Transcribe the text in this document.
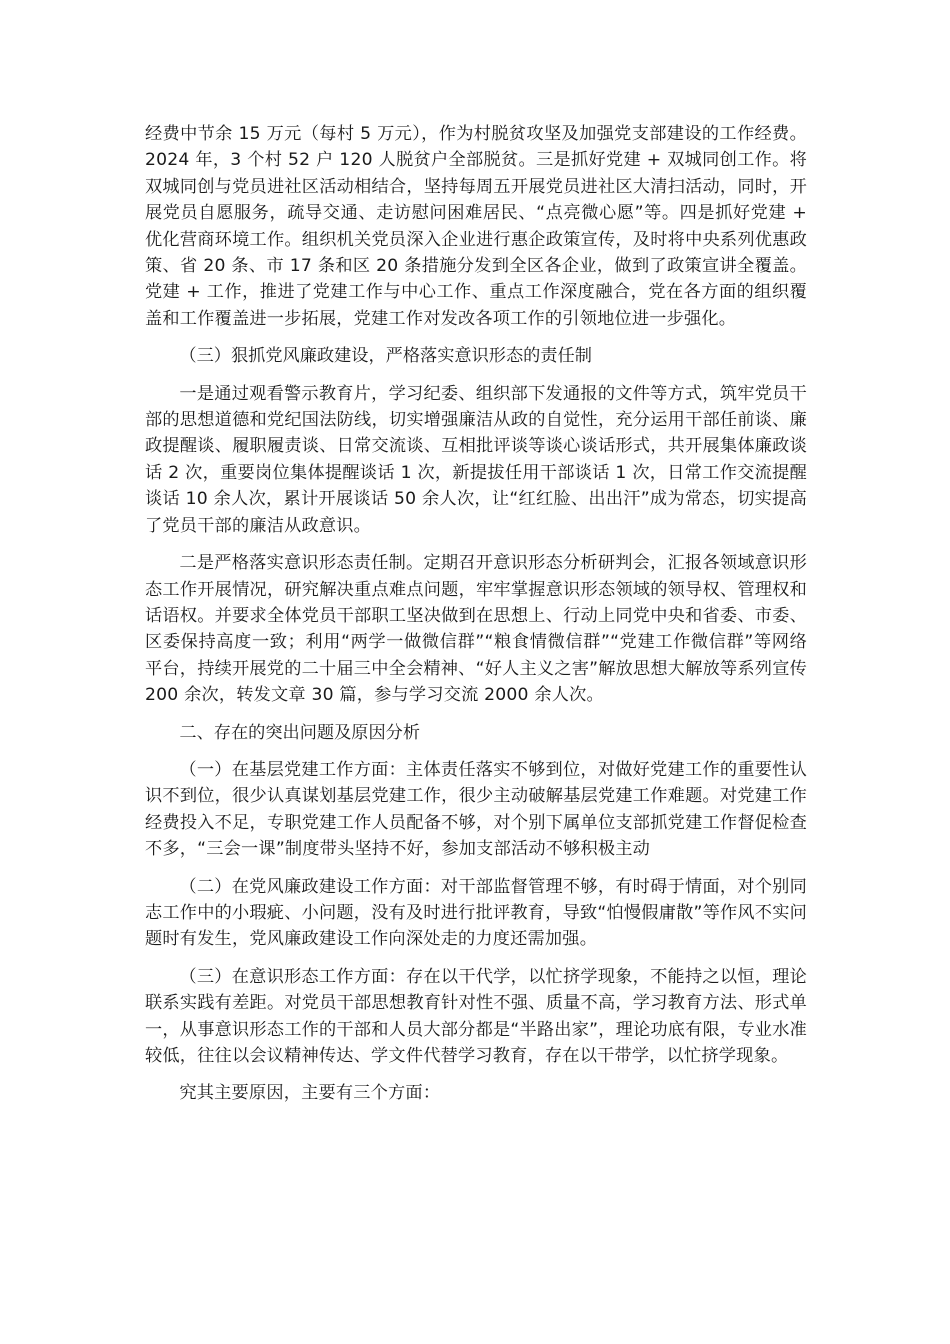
经费中节余 15 万元（每村 5 万元），作为村脱贫攻坚及加强党支部建设的工作经费。2024 年，3 个村 52 户 120 人脱贫户全部脱贫。三是抓好党建 + 双城同创工作。将双城同创与党员进社区活动相结合，坚持每周五开展党员进社区大清扫活动，同时，开展党员自愿服务，疏导交通、走访慰问困难居民、“点亮微心愿”等。四是抓好党建 + 优化营商环境工作。组织机关党员深入企业进行惠企政策宣传，及时将中央系列优惠政策、省 20 条、市 17 条和区 20 条措施分发到全区各企业，做到了政策宣讲全覆盖。党建 + 工作，推进了党建工作与中心工作、重点工作深度融合，党在各方面的组织覆盖和工作覆盖进一步拓展，党建工作对发改各项工作的引领地位进一步强化。

（三）狠抓党风廉政建设，严格落实意识形态的责任制

一是通过观看警示教育片，学习纪委、组织部下发通报的文件等方式，筑牢党员干部的思想道德和党纪国法防线，切实增强廉洁从政的自觉性，充分运用干部任前谈、廉政提醒谈、履职履责谈、日常交流谈、互相批评谈等谈心谈话形式，共开展集体廉政谈话 2 次，重要岗位集体提醒谈话 1 次，新提拔任用干部谈话 1 次，日常工作交流提醒谈话 10 余人次，累计开展谈话 50 余人次，让“红红脸、出出汗”成为常态，切实提高了党员干部的廉洁从政意识。

二是严格落实意识形态责任制。定期召开意识形态分析研判会，汇报各领域意识形态工作开展情况，研究解决重点难点问题，牢牢掌握意识形态领域的领导权、管理权和话语权。并要求全体党员干部职工坚决做到在思想上、行动上同党中央和省委、市委、区委保持高度一致；利用“两学一做微信群”“粮食情微信群”“党建工作微信群”等网络平台，持续开展党的二十届三中全会精神、“好人主义之害”解放思想大解放等系列宣传 200 余次，转发文章 30 篇，参与学习交流 2000 余人次。

二、存在的突出问题及原因分析

（一）在基层党建工作方面：主体责任落实不够到位，对做好党建工作的重要性认识不到位，很少认真谋划基层党建工作，很少主动破解基层党建工作难题。对党建工作经费投入不足，专职党建工作人员配备不够，对个别下属单位支部抓党建工作督促检查不多，“三会一课”制度带头坚持不好，参加支部活动不够积极主动

（二）在党风廉政建设工作方面：对干部监督管理不够，有时碍于情面，对个别同志工作中的小瑕疵、小问题，没有及时进行批评教育，导致“怕慢假庸散”等作风不实问题时有发生，党风廉政建设工作向深处走的力度还需加强。

（三）在意识形态工作方面：存在以干代学，以忙挤学现象，不能持之以恒，理论联系实践有差距。对党员干部思想教育针对性不强、质量不高，学习教育方法、形式单一，从事意识形态工作的干部和人员大部分都是“半路出家”，理论功底有限，专业水准较低，往往以会议精神传达、学文件代替学习教育，存在以干带学，以忙挤学现象。

究其主要原因，主要有三个方面：
